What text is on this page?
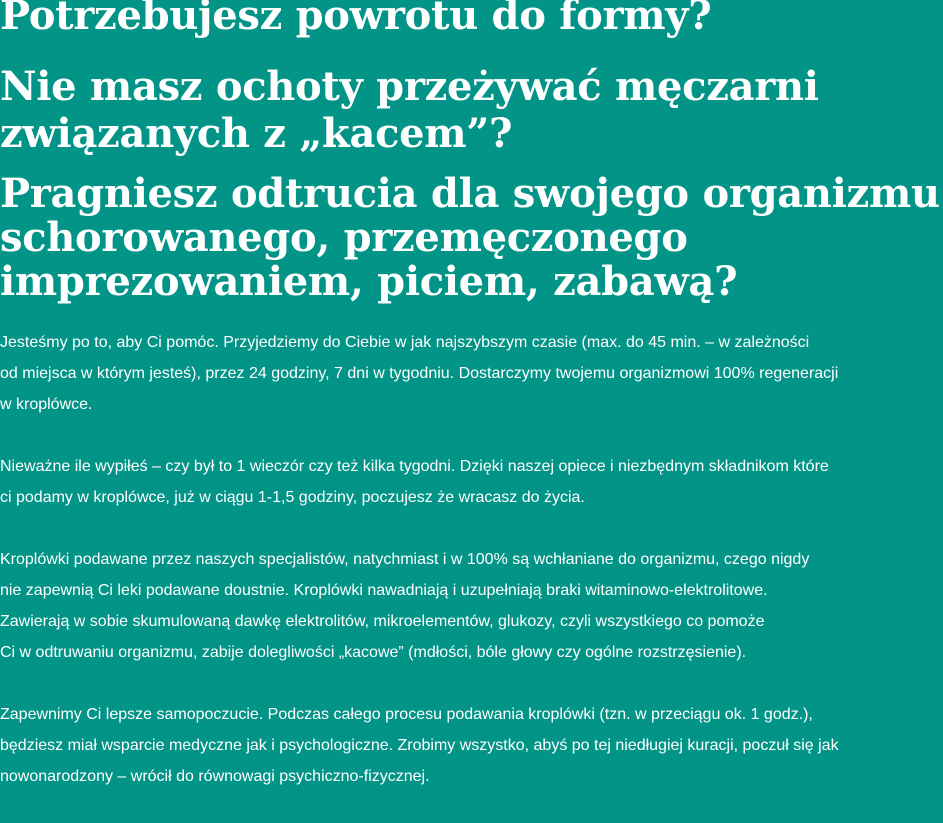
Potrzebujesz powrotu do formy?
Nie masz ochoty przeżywać męczarni
związanych z „kacem”?
Pragniesz odtrucia dla swojego organizmu
schorowanego, przemęczonego
imprezowaniem, piciem, zabawą?

Jesteśmy po to, aby Ci pomóc. Przyjedziemy do Ciebie w jak najszybszym czasie (max. do 45 min. – w zależności
od miejsca w którym jesteś), przez 24 godziny, 7 dni w tygodniu. Dostarczymy twojemu organizmowi 100% regeneracji
w kroplówce.

Nieważne ile wypiłeś – czy był to 1 wieczór czy też kilka tygodni. Dzięki naszej opiece i niezbędnym składnikom które
ci podamy w kroplówce, już w ciągu 1-1,5 godziny, poczujesz że wracasz do życia.

Kroplówki podawane przez naszych specjalistów, natychmiast i w 100% są wchłaniane do organizmu, czego nigdy
nie zapewnią Ci leki podawane doustnie. Kroplówki nawadniają i uzupełniają braki witaminowo-elektrolitowe.
Zawierają w sobie skumulowaną dawkę elektrolitów, mikroelementów, glukozy, czyli wszystkiego co pomoże
Ci w odtruwaniu organizmu, zabije dolegliwości „kacowe” (mdłości, bóle głowy czy ogólne rozstrzęsienie).

Zapewnimy Ci lepsze samopoczucie. Podczas całego procesu podawania kroplówki (tzn. w przeciągu ok. 1 godz.),
będziesz miał wsparcie medyczne jak i psychologiczne. Zrobimy wszystko, abyś po tej niedługiej kuracji, poczuł się jak
nowonarodzony – wrócił do równowagi psychiczno-fizycznej.
